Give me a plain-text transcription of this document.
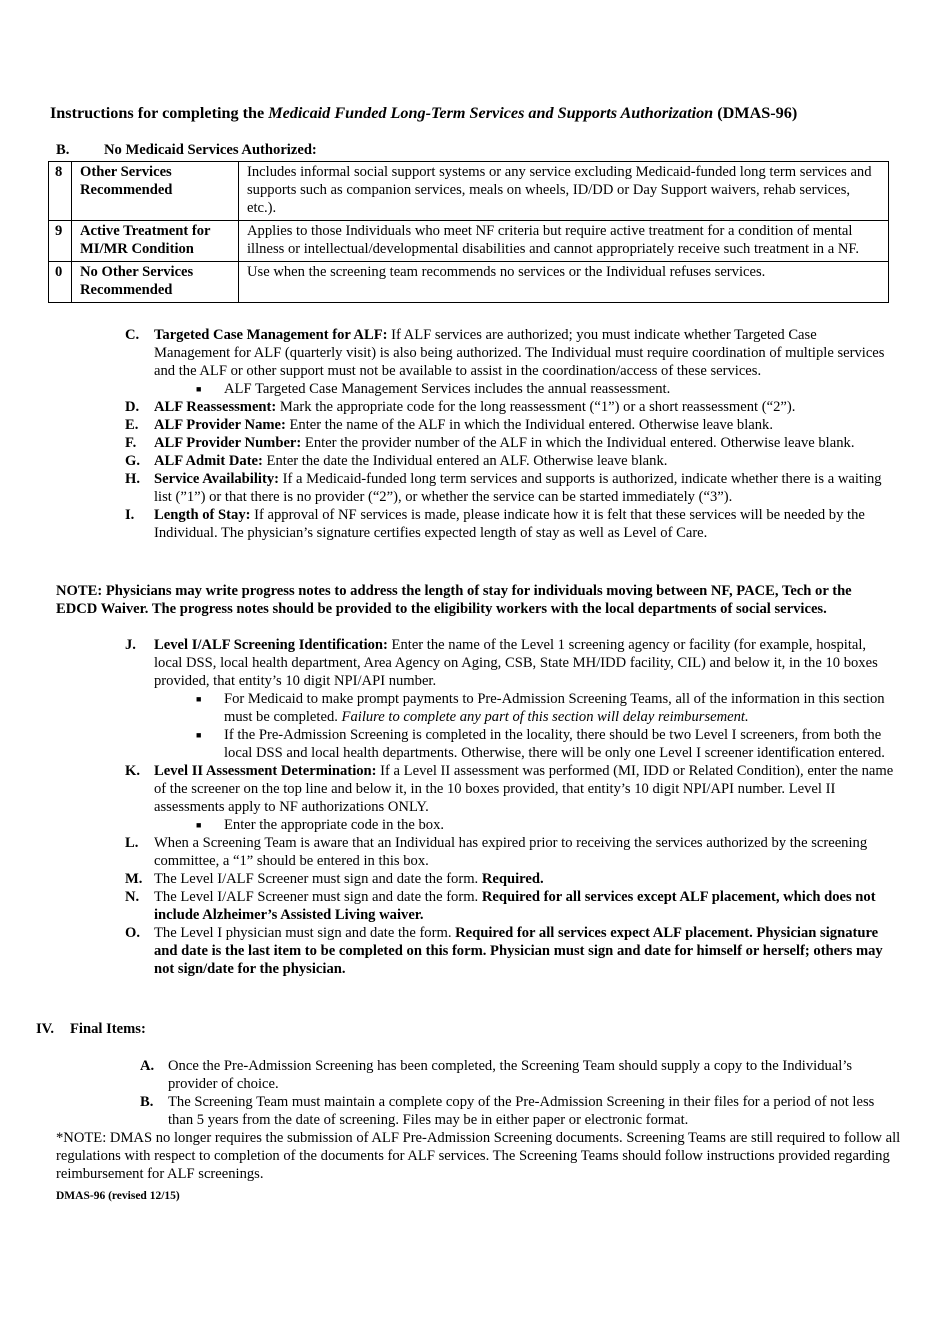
Instructions for completing the Medicaid Funded Long-Term Services and Supports Authorization (DMAS-96)
B.	No Medicaid Services Authorized:
8	Other Services Recommended	Includes informal social support systems or any service excluding Medicaid-funded long term services and supports such as companion services, meals on wheels, ID/DD or Day Support waivers, rehab services, etc.).
9	Active Treatment for MI/MR Condition	Applies to those Individuals who meet NF criteria but require active treatment for a condition of mental illness or intellectual/developmental disabilities and cannot appropriately receive such treatment in a NF.
0	No Other Services Recommended	Use when the screening team recommends no services or the Individual refuses services.
C. Targeted Case Management for ALF: If ALF services are authorized; you must indicate whether Targeted Case Management for ALF (quarterly visit) is also being authorized. The Individual must require coordination of multiple services and the ALF or other support must not be available to assist in the coordination/access of these services.
■ ALF Targeted Case Management Services includes the annual reassessment.
D. ALF Reassessment: Mark the appropriate code for the long reassessment (“1”) or a short reassessment (“2”).
E. ALF Provider Name: Enter the name of the ALF in which the Individual entered. Otherwise leave blank.
F. ALF Provider Number: Enter the provider number of the ALF in which the Individual entered. Otherwise leave blank.
G. ALF Admit Date: Enter the date the Individual entered an ALF. Otherwise leave blank.
H. Service Availability: If a Medicaid-funded long term services and supports is authorized, indicate whether there is a waiting list (”1”) or that there is no provider (“2”), or whether the service can be started immediately (“3”).
I. Length of Stay: If approval of NF services is made, please indicate how it is felt that these services will be needed by the Individual. The physician’s signature certifies expected length of stay as well as Level of Care.
NOTE: Physicians may write progress notes to address the length of stay for individuals moving between NF, PACE, Tech or the EDCD Waiver. The progress notes should be provided to the eligibility workers with the local departments of social services.
J. Level I/ALF Screening Identification: Enter the name of the Level 1 screening agency or facility (for example, hospital, local DSS, local health department, Area Agency on Aging, CSB, State MH/IDD facility, CIL) and below it, in the 10 boxes provided, that entity’s 10 digit NPI/API number.
■ For Medicaid to make prompt payments to Pre-Admission Screening Teams, all of the information in this section must be completed. Failure to complete any part of this section will delay reimbursement.
■ If the Pre-Admission Screening is completed in the locality, there should be two Level I screeners, from both the local DSS and local health departments. Otherwise, there will be only one Level I screener identification entered.
K. Level II Assessment Determination: If a Level II assessment was performed (MI, IDD or Related Condition), enter the name of the screener on the top line and below it, in the 10 boxes provided, that entity’s 10 digit NPI/API number. Level II assessments apply to NF authorizations ONLY.
■ Enter the appropriate code in the box.
L. When a Screening Team is aware that an Individual has expired prior to receiving the services authorized by the screening committee, a “1” should be entered in this box.
M. The Level I/ALF Screener must sign and date the form. Required.
N. The Level I/ALF Screener must sign and date the form. Required for all services except ALF placement, which does not include Alzheimer’s Assisted Living waiver.
O. The Level I physician must sign and date the form. Required for all services expect ALF placement. Physician signature and date is the last item to be completed on this form. Physician must sign and date for himself or herself; others may not sign/date for the physician.
IV. Final Items:
A. Once the Pre-Admission Screening has been completed, the Screening Team should supply a copy to the Individual’s provider of choice.
B. The Screening Team must maintain a complete copy of the Pre-Admission Screening in their files for a period of not less than 5 years from the date of screening. Files may be in either paper or electronic format.
*NOTE: DMAS no longer requires the submission of ALF Pre-Admission Screening documents. Screening Teams are still required to follow all regulations with respect to completion of the documents for ALF services. The Screening Teams should follow instructions provided regarding reimbursement for ALF screenings.
DMAS-96 (revised 12/15)
